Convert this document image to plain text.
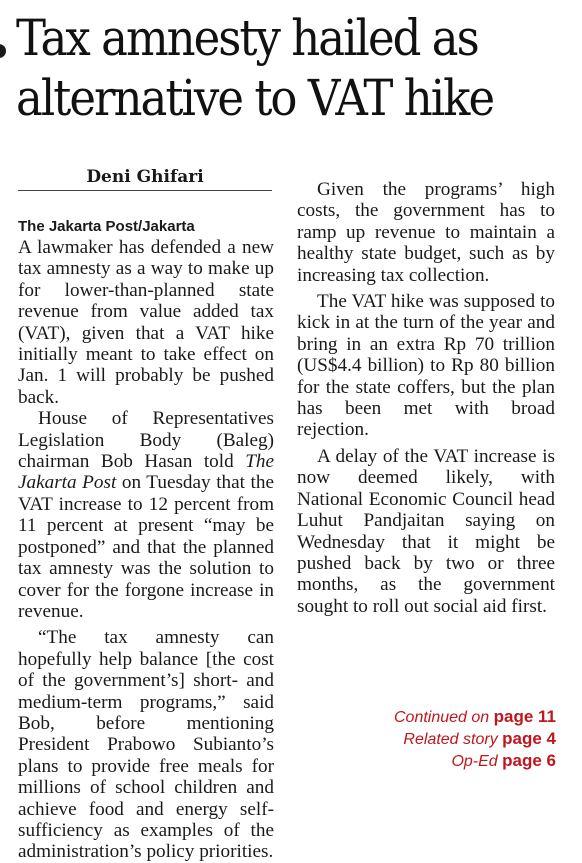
Tax amnesty hailed as
alternative to VAT hike
Deni Ghifari

The Jakarta Post/Jakarta

A lawmaker has defended a new tax amnesty as a way to make up for lower-than-planned state revenue from value added tax (VAT), given that a VAT hike initially meant to take effect on Jan. 1 will probably be pushed back.

House of Representatives Legislation Body (Baleg) chairman Bob Hasan told The Jakarta Post on Tuesday that the VAT increase to 12 percent from 11 percent at present “may be postponed” and that the planned tax amnesty was the solution to cover for the forgone increase in revenue.

“The tax amnesty can hopefully help balance [the cost of the government’s] short- and medium-term programs,” said Bob, before mentioning President Prabowo Subianto’s plans to provide free meals for millions of school children and achieve food and energy self-sufficiency as examples of the administration’s policy priorities.

Given the programs’ high costs, the government has to ramp up revenue to maintain a healthy state budget, such as by increasing tax collection.

The VAT hike was supposed to kick in at the turn of the year and bring in an extra Rp 70 trillion (US$4.4 billion) to Rp 80 billion for the state coffers, but the plan has been met with broad rejection.

A delay of the VAT increase is now deemed likely, with National Economic Council head Luhut Pandjaitan saying on Wednesday that it might be pushed back by two or three months, as the government sought to roll out social aid first.

Continued on page 11
Related story page 4
Op-Ed page 6
